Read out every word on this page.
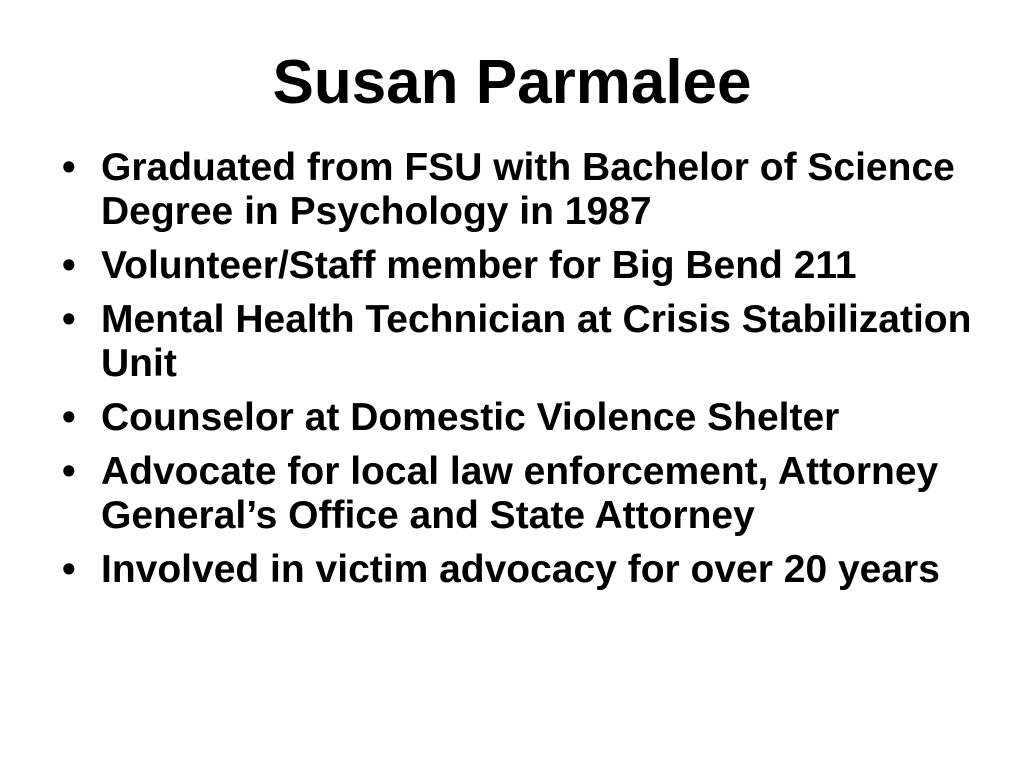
Susan Parmalee
• Graduated from FSU with Bachelor of Science Degree in Psychology in 1987
• Volunteer/Staff member for Big Bend 211
• Mental Health Technician at Crisis Stabilization Unit
• Counselor at Domestic Violence Shelter
• Advocate for local law enforcement, Attorney General’s Office and State Attorney
• Involved in victim advocacy for over 20 years
